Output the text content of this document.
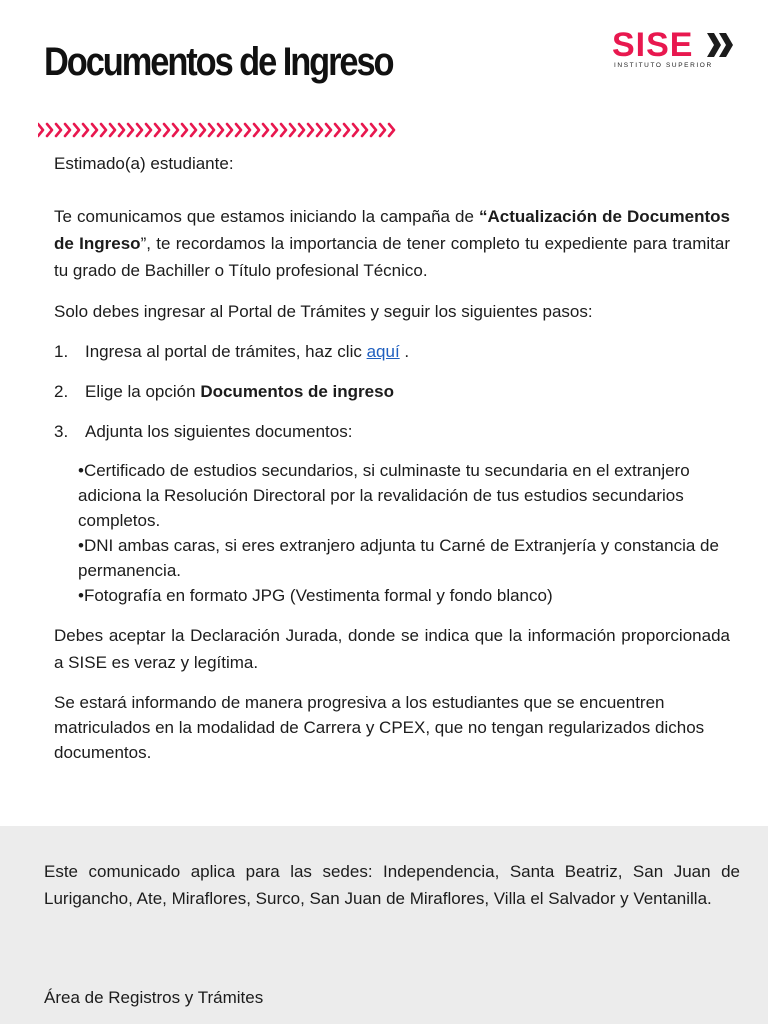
Documentos de Ingreso	SISE
INSTITUTO SUPERIOR

Estimado(a) estudiante:

Te comunicamos que estamos iniciando la campaña de “Actualización de Documentos de Ingreso”, te recordamos la importancia de tener completo tu expediente para tramitar tu grado de Bachiller o Título profesional Técnico.

Solo debes ingresar al Portal de Trámites y seguir los siguientes pasos:

1. Ingresa al portal de trámites, haz clic aquí .
2. Elige la opción Documentos de ingreso
3. Adjunta los siguientes documentos:
•Certificado de estudios secundarios, si culminaste tu secundaria en el extranjero adiciona la Resolución Directoral por la revalidación de tus estudios secundarios completos.
•DNI ambas caras, si eres extranjero adjunta tu Carné de Extranjería y constancia de permanencia.
•Fotografía en formato JPG (Vestimenta formal y fondo blanco)

Debes aceptar la Declaración Jurada, donde se indica que la información proporcionada a SISE es veraz y legítima.

Se estará informando de manera progresiva a los estudiantes que se encuentren matriculados en la modalidad de Carrera y CPEX, que no tengan regularizados dichos documentos.

Este comunicado aplica para las sedes: Independencia, Santa Beatriz, San Juan de Lurigancho, Ate, Miraflores, Surco, San Juan de Miraflores, Villa el Salvador y Ventanilla.

Área de Registros y Trámites
